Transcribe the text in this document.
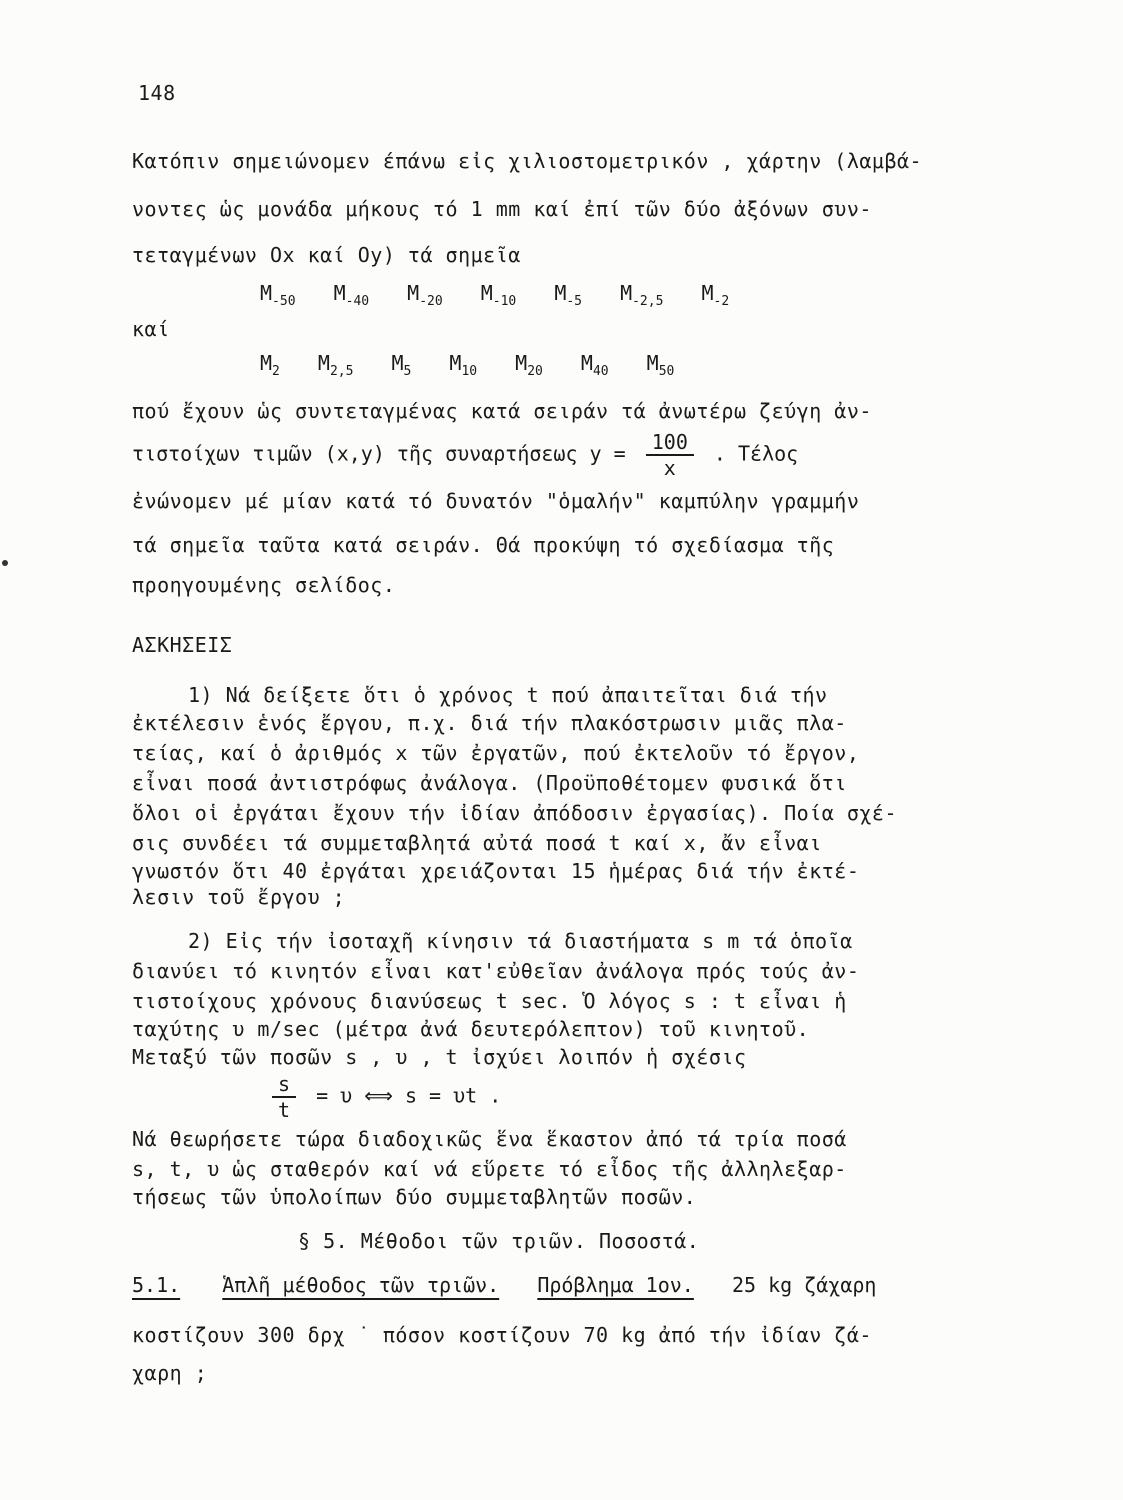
148
Κατόπιν σημειώνομεν έπάνω εἰς χιλιοστομετρικόν , χάρτην (λαμβά-
νοντες ὡς μονάδα μήκους τό 1 mm καί ἐπί τῶν δύο ἀξόνων συν-
τεταγμένων Ox καί Oy) τά σημεῖα
$M_{-50}$ $M_{-40}$ $M_{-20}$ $M_{-10}$ $M_{-5}$ $M_{-2,5}$ $M_{-2}$
καί
$M_2$ $M_{2,5}$ $M_5$ $M_{10}$ $M_{20}$ $M_{40}$ $M_{50}$
πού ἔχουν ὡς συντεταγμένας κατά σειράν τά ἀνωτέρω ζεύγη ἀν-
τιστοίχων τιμῶν (x,y) τῆς συναρτήσεως $y = \frac{100}{x}$ . Τέλος
ἐνώνομεν μέ μίαν κατά τό δυνατόν "ὁμαλήν" καμπύλην γραμμήν
τά σημεῖα ταῦτα κατά σειράν. Θά προκύψη τό σχεδίασμα τῆς
προηγουμένης σελίδος.
ΑΣΚΗΣΕΙΣ
1) Νά δείξετε ὅτι ὁ χρόνος t πού ἀπαιτεῖται διά τήν
ἐκτέλεσιν ἑνός ἔργου, π.χ. διά τήν πλακόστρωσιν μιᾶς πλα-
τείας, καί ὁ ἀριθμός x τῶν ἐργατῶν, πού ἐκτελοῦν τό ἔργον,
εἶναι ποσά ἀντιστρόφως ἀνάλογα. (Προϋποθέτομεν φυσικά ὅτι
ὅλοι οἱ ἐργάται ἔχουν τήν ἰδίαν ἀπόδοσιν ἐργασίας). Ποία σχέ-
σις συνδέει τά συμμεταβλητά αὐτά ποσά t καί x, ἄν εἶναι
γνωστόν ὅτι 40 ἐργάται χρειάζονται 15 ἡμέρας διά τήν ἐκτέ-
λεσιν τοῦ ἔργου ;
2) Εἰς τήν ἰσοταχῆ κίνησιν τά διαστήματα s m τά ὁποῖα
διανύει τό κινητόν εἶναι κατ'εὐθεῖαν ἀνάλογα πρός τούς ἀν-
τιστοίχους χρόνους διανύσεως t sec. Ὁ λόγος s : t εἶναι ἡ
ταχύτης υ m/sec (μέτρα ἀνά δευτερόλεπτον) τοῦ κινητοῦ.
Μεταξύ τῶν ποσῶν s , υ , t ἰσχύει λοιπόν ἡ σχέσις
$\frac{s}{t} = \upsilon$ ⟺ s = υt .
Νά θεωρήσετε τώρα διαδοχικῶς ἕνα ἕκαστον ἀπό τά τρία ποσά
s, t, υ ὡς σταθερόν καί νά εὕρετε τό εἶδος τῆς ἀλληλεξαρ-
τήσεως τῶν ὑπολοίπων δύο συμμεταβλητῶν ποσῶν.
§ 5. Μέθοδοι τῶν τριῶν. Ποσοστά.
5.1. Ἁπλῆ μέθοδος τῶν τριῶν. Πρόβλημα 1ον. 25 kg ζάχαρη
κοστίζουν 300 δρχ ˙ πόσον κοστίζουν 70 kg ἀπό τήν ἰδίαν ζά-
χαρη ;
